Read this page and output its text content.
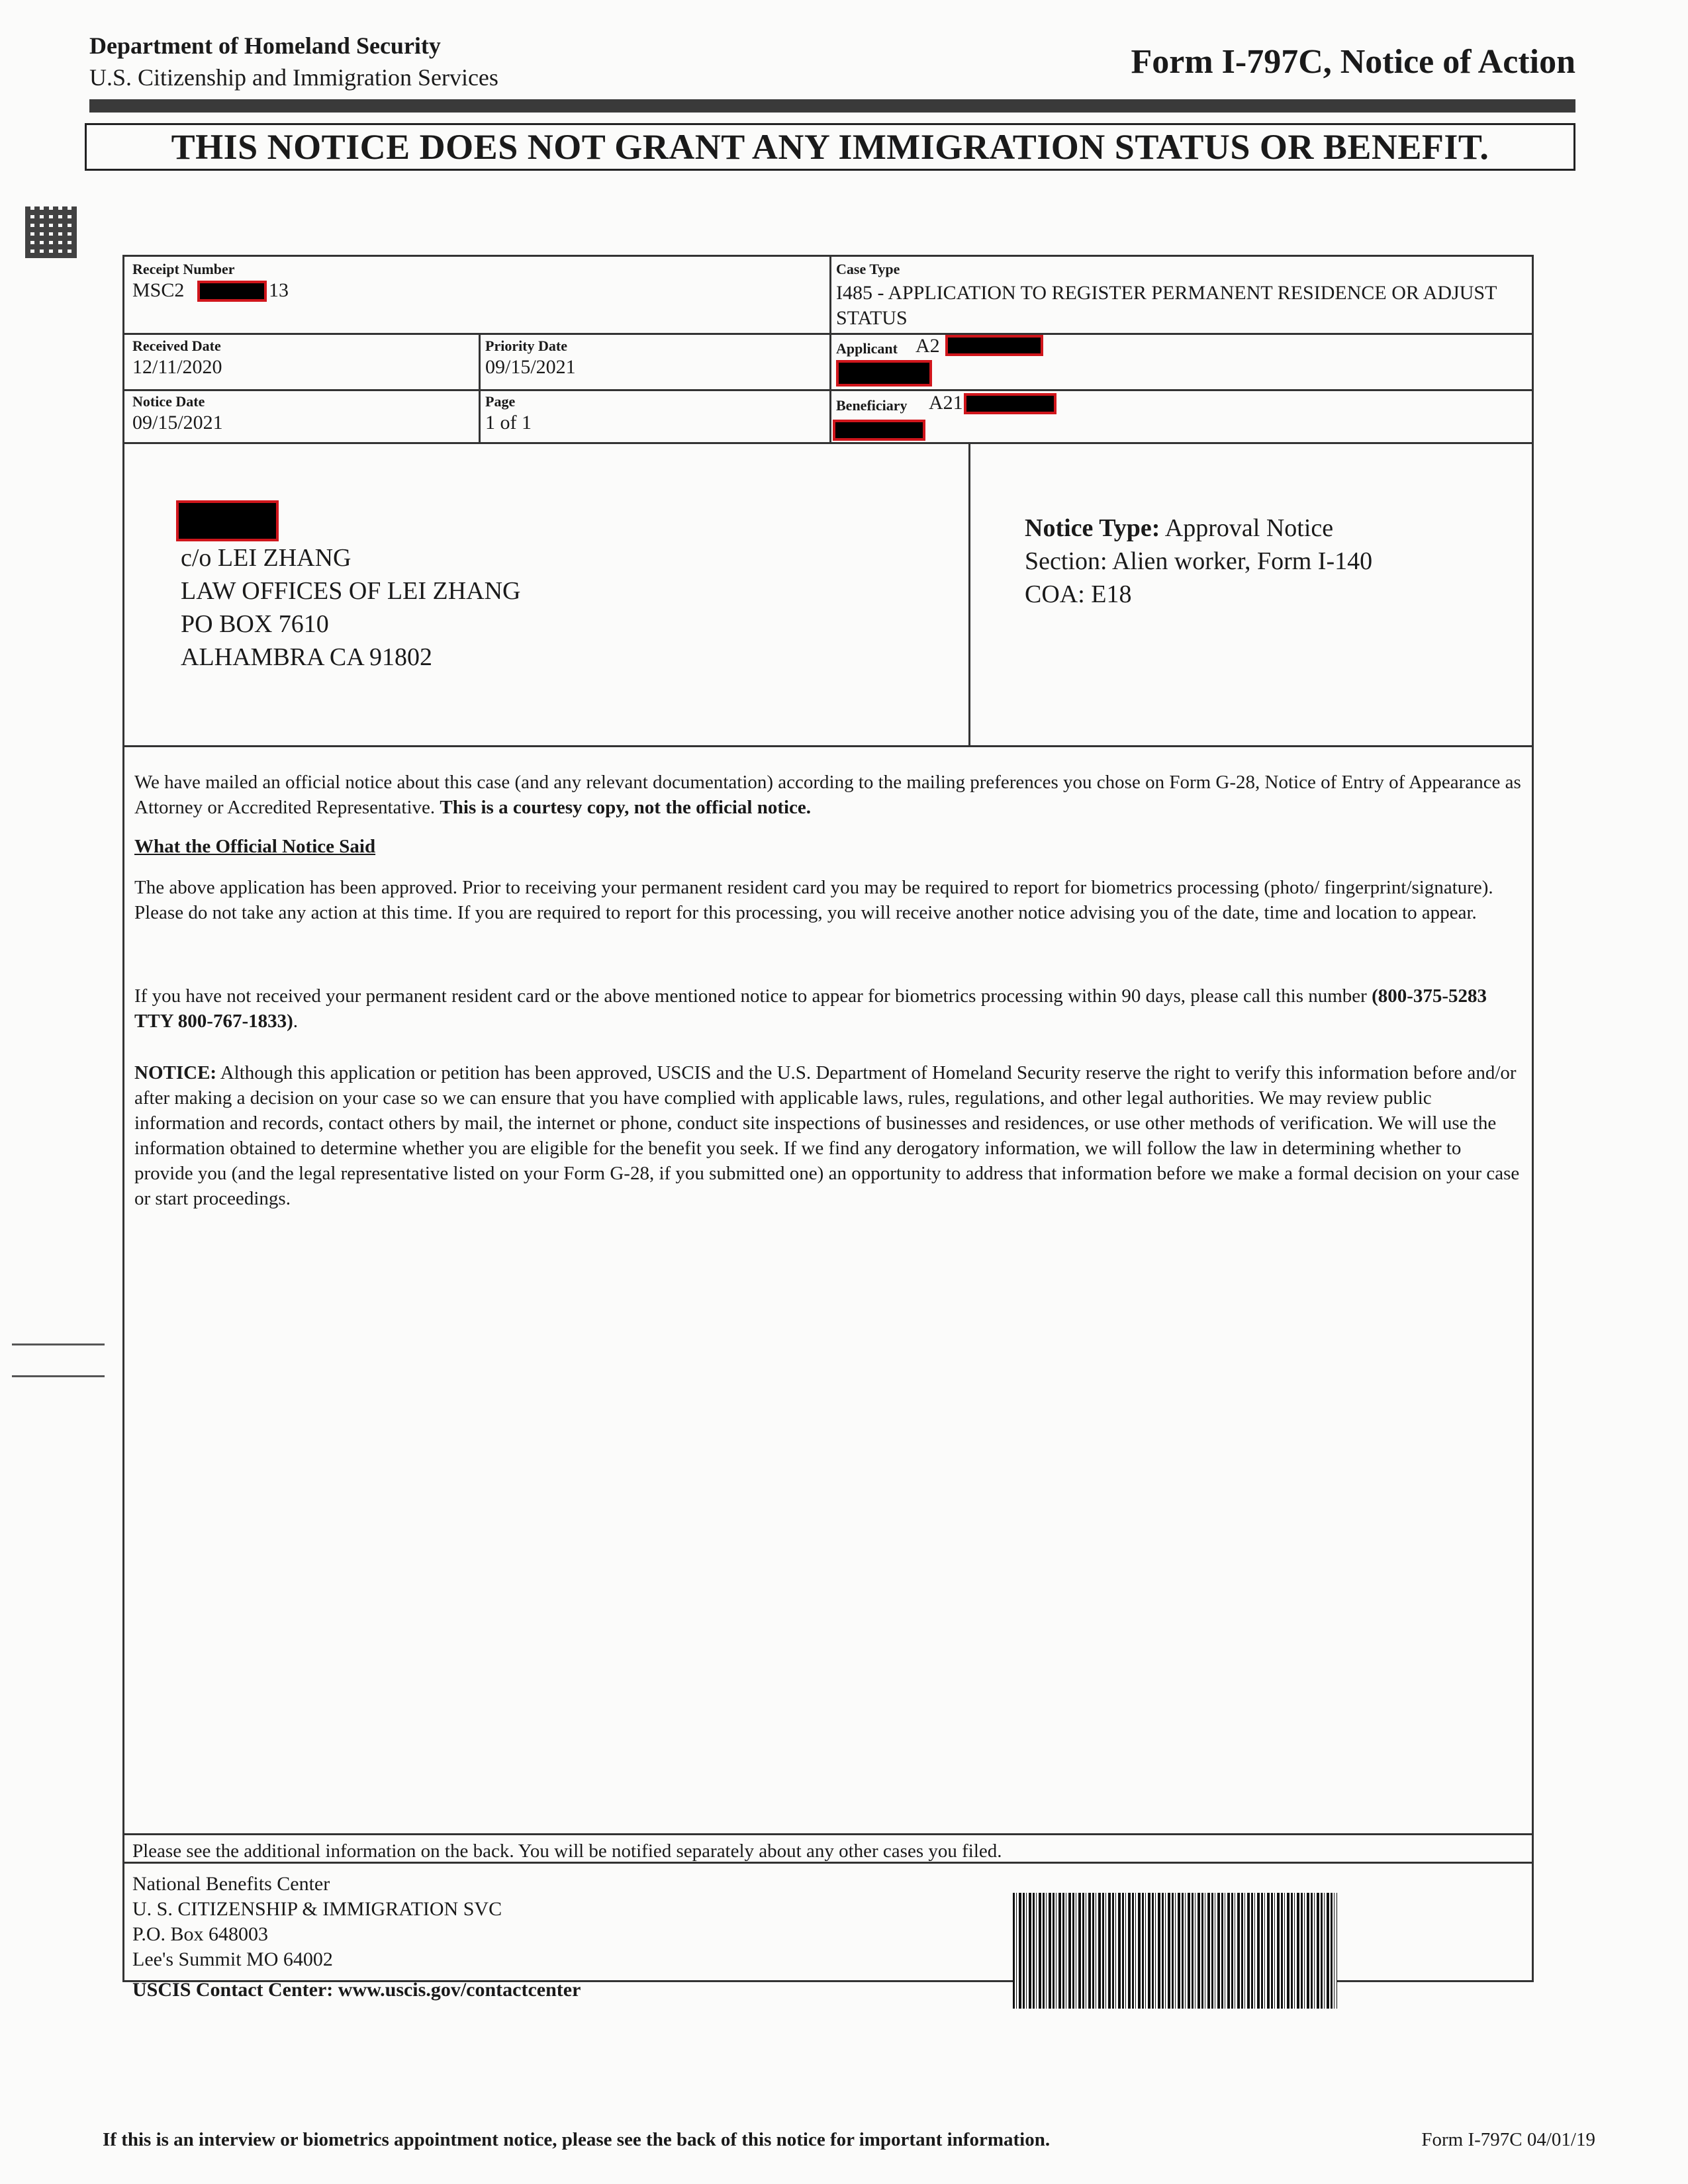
Department of Homeland Security
U.S. Citizenship and Immigration Services	Form I-797C, Notice of Action
THIS NOTICE DOES NOT GRANT ANY IMMIGRATION STATUS OR BENEFIT.
Receipt Number
MSC2	13
Case Type
I485 - APPLICATION TO REGISTER PERMANENT RESIDENCE OR ADJUST STATUS
Received Date
12/11/2020
Priority Date
09/15/2021
Applicant A2
Notice Date
09/15/2021
Page
1 of 1
Beneficiary A21
c/o LEI ZHANG
LAW OFFICES OF LEI ZHANG
PO BOX 7610
ALHAMBRA CA 91802
Notice Type: Approval Notice
Section: Alien worker, Form I-140
COA: E18
Please see the additional information on the back. You will be notified separately about any other cases you filed.
National Benefits Center
U. S. CITIZENSHIP & IMMIGRATION SVC
P.O. Box 648003
Lee's Summit MO 64002
USCIS Contact Center: www.uscis.gov/contactcenter

We have mailed an official notice about this case (and any relevant documentation) according to the mailing preferences you chose on Form G-28, Notice of Entry of Appearance as Attorney or Accredited Representative. This is a courtesy copy, not the official notice.

What the Official Notice Said
The above application has been approved. Prior to receiving your permanent resident card you may be required to report for biometrics processing (photo/ fingerprint/signature). Please do not take any action at this time. If you are required to report for this processing, you will receive another notice advising you of the date, time and location to appear.
If you have not received your permanent resident card or the above mentioned notice to appear for biometrics processing within 90 days, please call this number (800-375-5283 TTY 800-767-1833).
NOTICE: Although this application or petition has been approved, USCIS and the U.S. Department of Homeland Security reserve the right to verify this information before and/or after making a decision on your case so we can ensure that you have complied with applicable laws, rules, regulations, and other legal authorities. We may review public information and records, contact others by mail, the internet or phone, conduct site inspections of businesses and residences, or use other methods of verification. We will use the information obtained to determine whether you are eligible for the benefit you seek. If we find any derogatory information, we will follow the law in determining whether to provide you (and the legal representative listed on your Form G-28, if you submitted one) an opportunity to address that information before we make a formal decision on your case or start proceedings.
If this is an interview or biometrics appointment notice, please see the back of this notice for important information.	Form I-797C 04/01/19
